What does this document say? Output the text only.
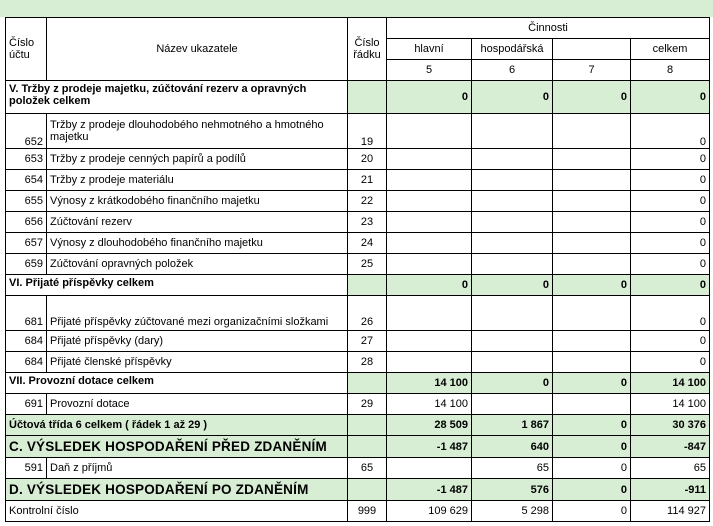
Číslo účtu	Název ukazatele	Číslo řádku	Činnosti			
			hlavní	hospodářská		celkem
			5	6	7	8
V. Tržby z prodeje majetku, zúčtování rezerv a opravných položek celkem			0	0	0	0
652	Tržby z prodeje dlouhodobého nehmotného a hmotného majetku	19				0
653	Tržby z prodeje cenných papírů a podílů	20				0
654	Tržby z prodeje materiálu	21				0
655	Výnosy z krátkodobého finančního majetku	22				0
656	Zúčtování rezerv	23				0
657	Výnosy z dlouhodobého finančního majetku	24				0
659	Zúčtování opravných položek	25				0
VI. Přijaté příspěvky celkem			0	0	0	0
681	Přijaté příspěvky zúčtované mezi organizačními složkami	26				0
684	Přijaté příspěvky (dary)	27				0
684	Přijaté členské příspěvky	28				0
VII. Provozní dotace celkem			14 100	0	0	14 100
691	Provozní dotace	29	14 100			14 100
Účtová třída 6 celkem ( řádek 1 až 29 )			28 509	1 867	0	30 376
C. VÝSLEDEK HOSPODAŘENÍ PŘED ZDANĚNÍM			-1 487	640	0	-847
591	Daň z příjmů	65		65	0	65
D. VÝSLEDEK HOSPODAŘENÍ PO ZDANĚNÍM			-1 487	576	0	-911
Kontrolní číslo		999	109 629	5 298	0	114 927
